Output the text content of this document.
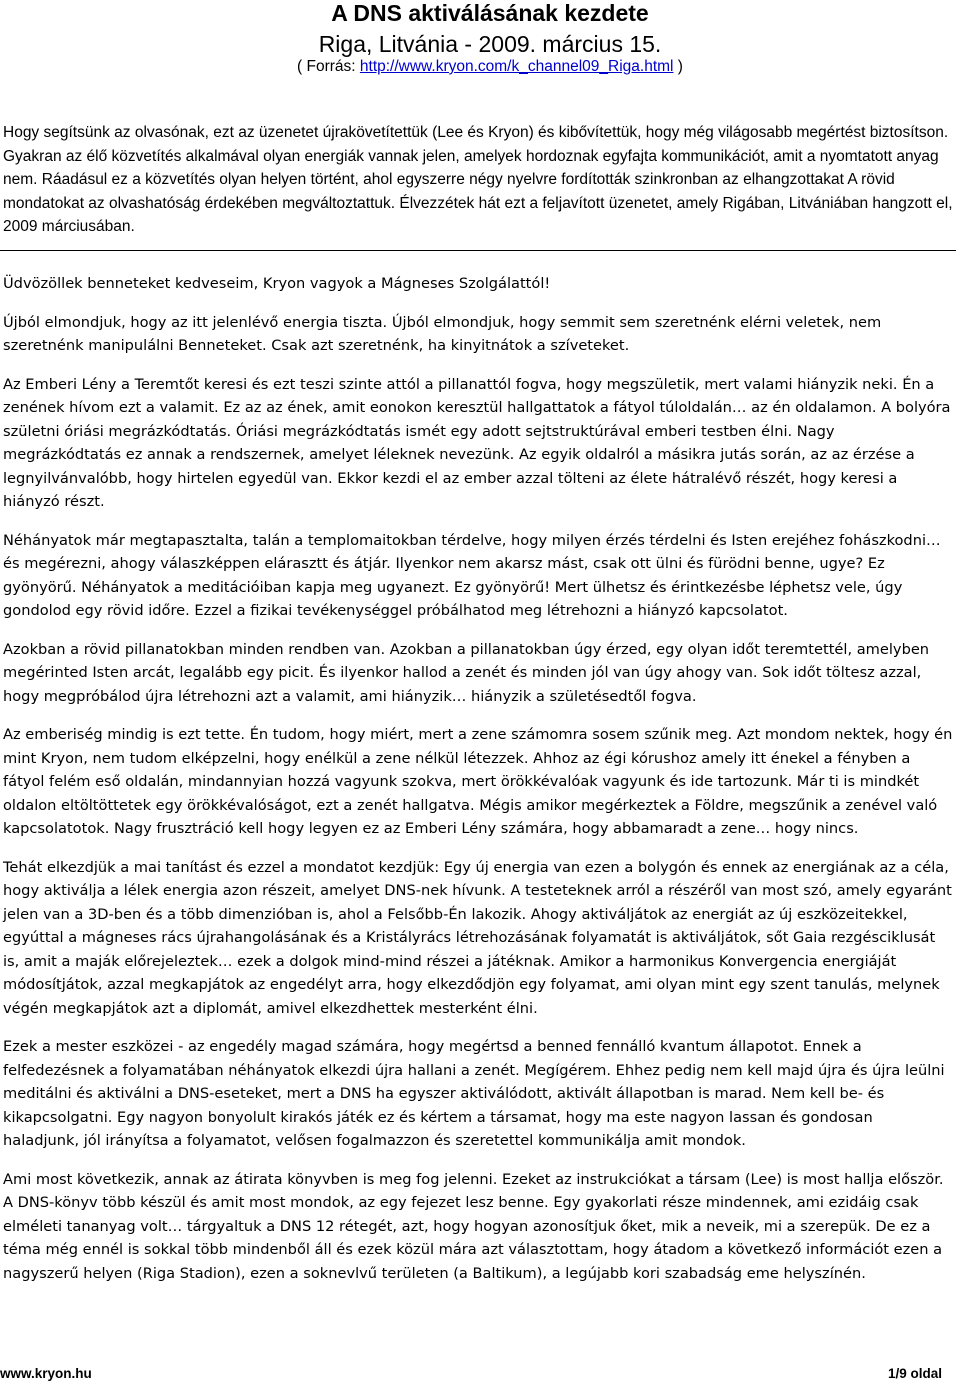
A DNS aktiválásának kezdete
Riga, Litvánia - 2009. március 15.
( Forrás: http://www.kryon.com/k_channel09_Riga.html )

Hogy segítsünk az olvasónak, ezt az üzenetet újrakövetítettük (Lee és Kryon) és kibővítettük, hogy még világosabb megértést biztosítson. Gyakran az élő közvetítés alkalmával olyan energiák vannak jelen, amelyek hordoznak egyfajta kommunikációt, amit a nyomtatott anyag nem. Ráadásul ez a közvetítés olyan helyen történt, ahol egyszerre négy nyelvre fordították szinkronban az elhangzottakat A rövid mondatokat az olvashatóság érdekében megváltoztattuk. Élvezzétek hát ezt a feljavított üzenetet, amely Rigában, Litvániában hangzott el, 2009 márciusában.

Üdvözöllek benneteket kedveseim, Kryon vagyok a Mágneses Szolgálattól!

Újból elmondjuk, hogy az itt jelenlévő energia tiszta. Újból elmondjuk, hogy semmit sem szeretnénk elérni veletek, nem szeretnénk manipulálni Benneteket. Csak azt szeretnénk, ha kinyitnátok a szíveteket.

Az Emberi Lény a Teremtőt keresi és ezt teszi szinte attól a pillanattól fogva, hogy megszületik, mert valami hiányzik neki. Én a zenének hívom ezt a valamit. Ez az az ének, amit eonokon keresztül hallgattatok a fátyol túloldalán… az én oldalamon. A bolyóra születni óriási megrázkódtatás. Óriási megrázkódtatás ismét egy adott sejtstruktúrával emberi testben élni. Nagy megrázkódtatás ez annak a rendszernek, amelyet léleknek nevezünk. Az egyik oldalról a másikra jutás során, az az érzése a legnyilvánvalóbb, hogy hirtelen egyedül van. Ekkor kezdi el az ember azzal tölteni az élete hátralévő részét, hogy keresi a hiányzó részt.

Néhányatok már megtapasztalta, talán a templomaitokban térdelve, hogy milyen érzés térdelni és Isten erejéhez fohászkodni… és megérezni, ahogy válaszképpen elárasztt és átjár. Ilyenkor nem akarsz mást, csak ott ülni és fürödni benne, ugye? Ez gyönyörű. Néhányatok a meditációiban kapja meg ugyanezt. Ez gyönyörű! Mert ülhetsz és érintkezésbe léphetsz vele, úgy gondolod egy rövid időre. Ezzel a fizikai tevékenységgel próbálhatod meg létrehozni a hiányzó kapcsolatot.

Azokban a rövid pillanatokban minden rendben van. Azokban a pillanatokban úgy érzed, egy olyan időt teremtettél, amelyben megérinted Isten arcát, legalább egy picit. És ilyenkor hallod a zenét és minden jól van úgy ahogy van. Sok időt töltesz azzal, hogy megpróbálod újra létrehozni azt a valamit, ami hiányzik… hiányzik a születésedtől fogva.

Az emberiség mindig is ezt tette. Én tudom, hogy miért, mert a zene számomra sosem szűnik meg. Azt mondom nektek, hogy én mint Kryon, nem tudom elképzelni, hogy enélkül a zene nélkül létezzek. Ahhoz az égi kórushoz amely itt énekel a fényben a fátyol felém eső oldalán, mindannyian hozzá vagyunk szokva, mert örökkévalóak vagyunk és ide tartozunk. Már ti is mindkét oldalon eltöltöttetek egy örökkévalóságot, ezt a zenét hallgatva. Mégis amikor megérkeztek a Földre, megszűnik a zenével való kapcsolatotok. Nagy frusztráció kell hogy legyen ez az Emberi Lény számára, hogy abbamaradt a zene… hogy nincs.

Tehát elkezdjük a mai tanítást és ezzel a mondatot kezdjük: Egy új energia van ezen a bolygón és ennek az energiának az a céla, hogy aktiválja a lélek energia azon részeit, amelyet DNS-nek hívunk. A testeteknek arról a részéről van most szó, amely egyaránt jelen van a 3D-ben és a több dimenzióban is, ahol a Felsőbb-Én lakozik. Ahogy aktiváljátok az energiát az új eszközeitekkel, egyúttal a mágneses rács újrahangolásának és a Kristályrács létrehozásának folyamatát is aktiváljátok, sőt Gaia rezgésciklusát is, amit a maják előrejeleztek… ezek a dolgok mind-mind részei a játéknak. Amikor a harmonikus Konvergencia energiáját módosítjátok, azzal megkapjátok az engedélyt arra, hogy elkezdődjön egy folyamat, ami olyan mint egy szent tanulás, melynek végén megkapjátok azt a diplomát, amivel elkezdhettek mesterként élni.

Ezek a mester eszközei - az engedély magad számára, hogy megértsd a benned fennálló kvantum állapotot. Ennek a felfedezésnek a folyamatában néhányatok elkezdi újra hallani a zenét. Megígérem. Ehhez pedig nem kell majd újra és újra leülni meditálni és aktiválni a DNS-eseteket, mert a DNS ha egyszer aktiválódott, aktivált állapotban is marad. Nem kell be- és kikapcsolgatni. Egy nagyon bonyolult kirakós játék ez és kértem a társamat, hogy ma este nagyon lassan és gondosan haladjunk, jól irányítsa a folyamatot, velősen fogalmazzon és szeretettel kommunikálja amit mondok.

Ami most következik, annak az átirata könyvben is meg fog jelenni. Ezeket az instrukciókat a társam (Lee) is most hallja először. A DNS-könyv több készül és amit most mondok, az egy fejezet lesz benne. Egy gyakorlati része mindennek, ami ezidáig csak elméleti tananyag volt… tárgyaltuk a DNS 12 rétegét, azt, hogy hogyan azonosítjuk őket, mik a neveik, mi a szerepük. De ez a téma még ennél is sokkal több mindenből áll és ezek közül mára azt választottam, hogy átadom a következő információt ezen a nagyszerű helyen (Riga Stadion), ezen a soknevlvű területen (a Baltikum), a legújabb kori szabadság eme helyszínén.

www.kryon.hu	1/9 oldal
